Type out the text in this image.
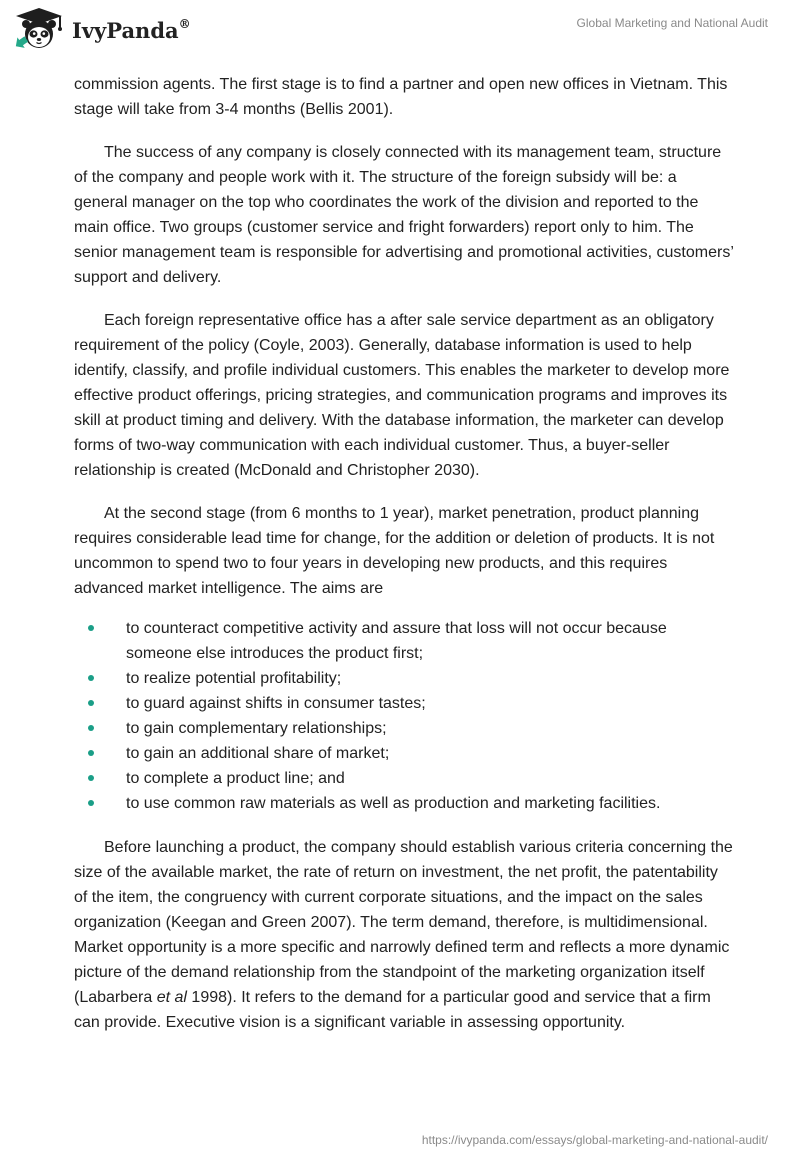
IvyPanda®	Global Marketing and National Audit

commission agents. The first stage is to find a partner and open new offices in Vietnam. This stage will take from 3-4 months (Bellis 2001).

The success of any company is closely connected with its management team, structure of the company and people work with it. The structure of the foreign subsidy will be: a general manager on the top who coordinates the work of the division and reported to the main office. Two groups (customer service and fright forwarders) report only to him. The senior management team is responsible for advertising and promotional activities, customers’ support and delivery.

Each foreign representative office has a after sale service department as an obligatory requirement of the policy (Coyle, 2003). Generally, database information is used to help identify, classify, and profile individual customers. This enables the marketer to develop more effective product offerings, pricing strategies, and communication programs and improves its skill at product timing and delivery. With the database information, the marketer can develop forms of two-way communication with each individual customer. Thus, a buyer-seller relationship is created (McDonald and Christopher 2030).

At the second stage (from 6 months to 1 year), market penetration, product planning requires considerable lead time for change, for the addition or deletion of products. It is not uncommon to spend two to four years in developing new products, and this requires advanced market intelligence. The aims are

to counteract competitive activity and assure that loss will not occur because someone else introduces the product first;
to realize potential profitability;
to guard against shifts in consumer tastes;
to gain complementary relationships;
to gain an additional share of market;
to complete a product line; and
to use common raw materials as well as production and marketing facilities.

Before launching a product, the company should establish various criteria concerning the size of the available market, the rate of return on investment, the net profit, the patentability of the item, the congruency with current corporate situations, and the impact on the sales organization (Keegan and Green 2007). The term demand, therefore, is multidimensional. Market opportunity is a more specific and narrowly defined term and reflects a more dynamic picture of the demand relationship from the standpoint of the marketing organization itself (Labarbera et al 1998). It refers to the demand for a particular good and service that a firm can provide. Executive vision is a significant variable in assessing opportunity.

https://ivypanda.com/essays/global-marketing-and-national-audit/
